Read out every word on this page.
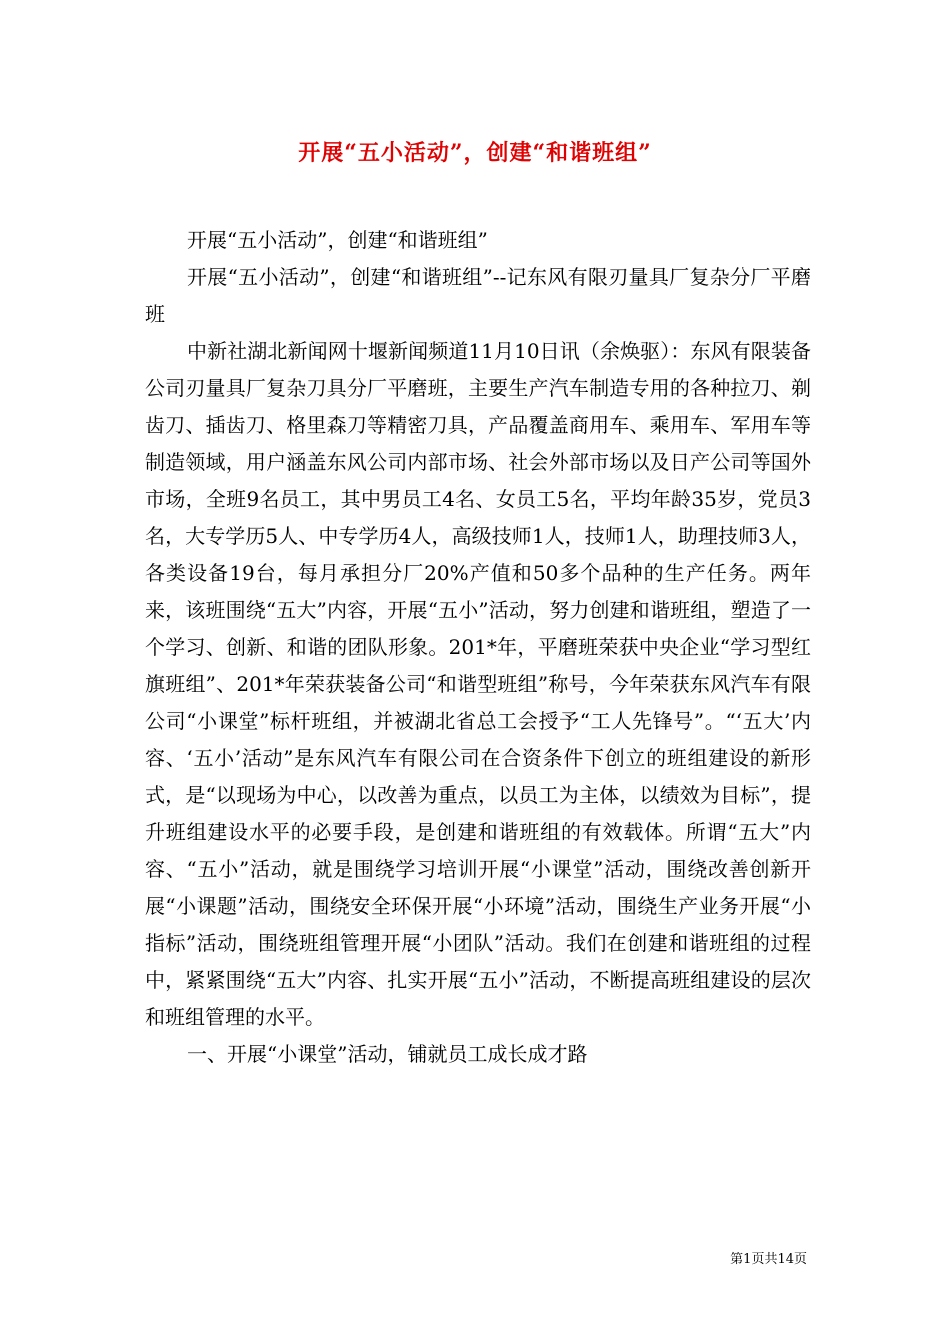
开展“五小活动”，创建“和谐班组”

开展“五小活动”，创建“和谐班组”

开展“五小活动”，创建“和谐班组”--记东风有限刃量具厂复杂分厂平磨班

中新社湖北新闻网十堰新闻频道11月10日讯（余焕驱）：东风有限装备公司刃量具厂复杂刀具分厂平磨班，主要生产汽车制造专用的各种拉刀、剃齿刀、插齿刀、格里森刀等精密刀具，产品覆盖商用车、乘用车、军用车等制造领域，用户涵盖东风公司内部市场、社会外部市场以及日产公司等国外市场，全班9名员工，其中男员工4名、女员工5名，平均年龄35岁，党员3名，大专学历5人、中专学历4人，高级技师1人，技师1人，助理技师3人，各类设备19台，每月承担分厂20%产值和50多个品种的生产任务。两年来，该班围绕“五大”内容，开展“五小”活动，努力创建和谐班组，塑造了一个学习、创新、和谐的团队形象。201*年，平磨班荣获中央企业“学习型红旗班组”、201*年荣获装备公司“和谐型班组”称号，今年荣获东风汽车有限公司“小课堂”标杆班组，并被湖北省总工会授予“工人先锋号”。“‘五大’内容、‘五小’活动”是东风汽车有限公司在合资条件下创立的班组建设的新形式，是“以现场为中心，以改善为重点，以员工为主体，以绩效为目标”，提升班组建设水平的必要手段，是创建和谐班组的有效载体。所谓“五大”内容、“五小”活动，就是围绕学习培训开展“小课堂”活动，围绕改善创新开展“小课题”活动，围绕安全环保开展“小环境”活动，围绕生产业务开展“小指标”活动，围绕班组管理开展“小团队”活动。我们在创建和谐班组的过程中，紧紧围绕“五大”内容、扎实开展“五小”活动，不断提高班组建设的层次和班组管理的水平。

一、开展“小课堂”活动，铺就员工成长成才路

第1页共14页
